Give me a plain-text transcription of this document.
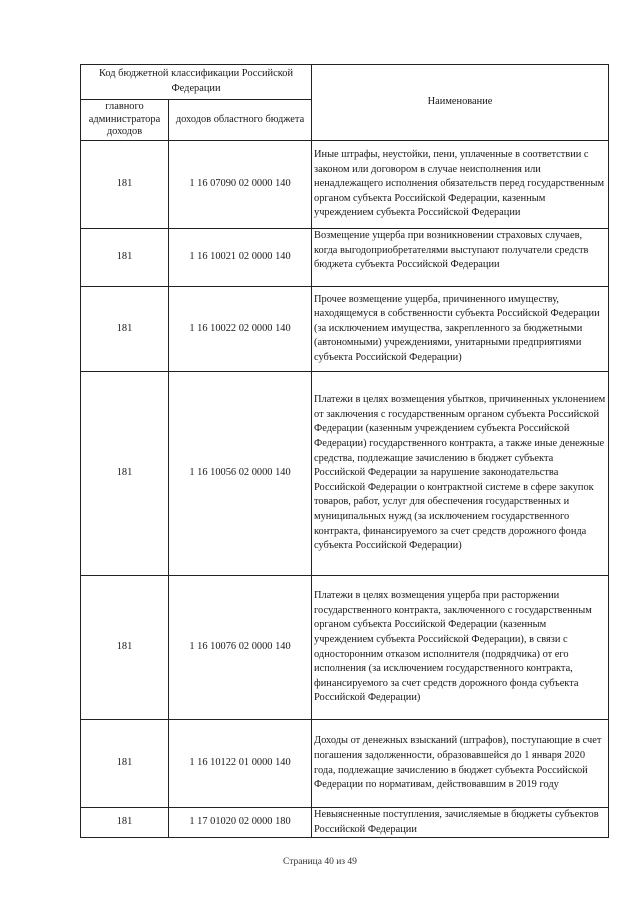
Код бюджетной классификации Российской Федерации		Наименование
главного администратора доходов	доходов областного бюджета	
181	1 16 07090 02 0000 140	Иные штрафы, неустойки, пени, уплаченные в соответствии с законом или договором в случае неисполнения или ненадлежащего исполнения обязательств перед государственным органом субъекта Российской Федерации, казенным учреждением субъекта Российской Федерации
181	1 16 10021 02 0000 140	Возмещение ущерба при возникновении страховых случаев, когда выгодоприобретателями выступают получатели средств бюджета субъекта Российской Федерации
181	1 16 10022 02 0000 140	Прочее возмещение ущерба, причиненного имуществу, находящемуся в собственности субъекта Российской Федерации (за исключением имущества, закрепленного за бюджетными (автономными) учреждениями, унитарными предприятиями субъекта Российской Федерации)
181	1 16 10056 02 0000 140	Платежи в целях возмещения убытков, причиненных уклонением от заключения с государственным органом субъекта Российской Федерации (казенным учреждением субъекта Российской Федерации) государственного контракта, а также иные денежные средства, подлежащие зачислению в бюджет субъекта Российской Федерации за нарушение законодательства Российской Федерации о контрактной системе в сфере закупок товаров, работ, услуг для обеспечения государственных и муниципальных нужд (за исключением государственного контракта, финансируемого за счет средств дорожного фонда субъекта Российской Федерации)
181	1 16 10076 02 0000 140	Платежи в целях возмещения ущерба при расторжении государственного контракта, заключенного с государственным органом субъекта Российской Федерации (казенным учреждением субъекта Российской Федерации), в связи с односторонним отказом исполнителя (подрядчика) от его исполнения (за исключением государственного контракта, финансируемого за счет средств дорожного фонда субъекта Российской Федерации)
181	1 16 10122 01 0000 140	Доходы от денежных взысканий (штрафов), поступающие в счет погашения задолженности, образовавшейся до 1 января 2020 года, подлежащие зачислению в бюджет субъекта Российской Федерации по нормативам, действовавшим в 2019 году
181	1 17 01020 02 0000 180	Невыясненные поступления, зачисляемые в бюджеты субъектов Российской Федерации
Страница 40 из 49
